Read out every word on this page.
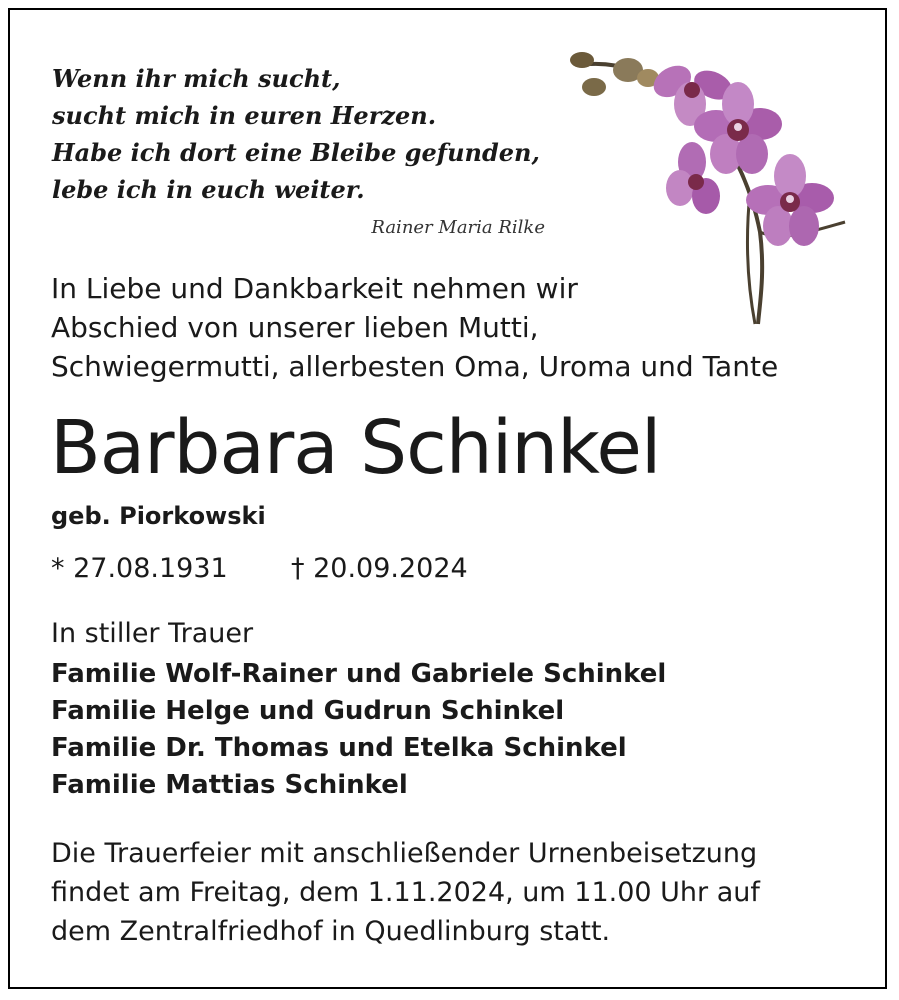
Wenn ihr mich sucht,
sucht mich in euren Herzen.
Habe ich dort eine Bleibe gefunden,
lebe ich in euch weiter.
Rainer Maria Rilke
In Liebe und Dankbarkeit nehmen wir
Abschied von unserer lieben Mutti,
Schwiegermutti, allerbesten Oma, Uroma und Tante
Barbara Schinkel
geb. Piorkowski
* 27.08.1931 † 20.09.2024
In stiller Trauer
Familie Wolf-Rainer und Gabriele Schinkel
Familie Helge und Gudrun Schinkel
Familie Dr. Thomas und Etelka Schinkel
Familie Mattias Schinkel
Die Trauerfeier mit anschließender Urnenbeisetzung
findet am Freitag, dem 1.11.2024, um 11.00 Uhr auf
dem Zentralfriedhof in Quedlinburg statt.
